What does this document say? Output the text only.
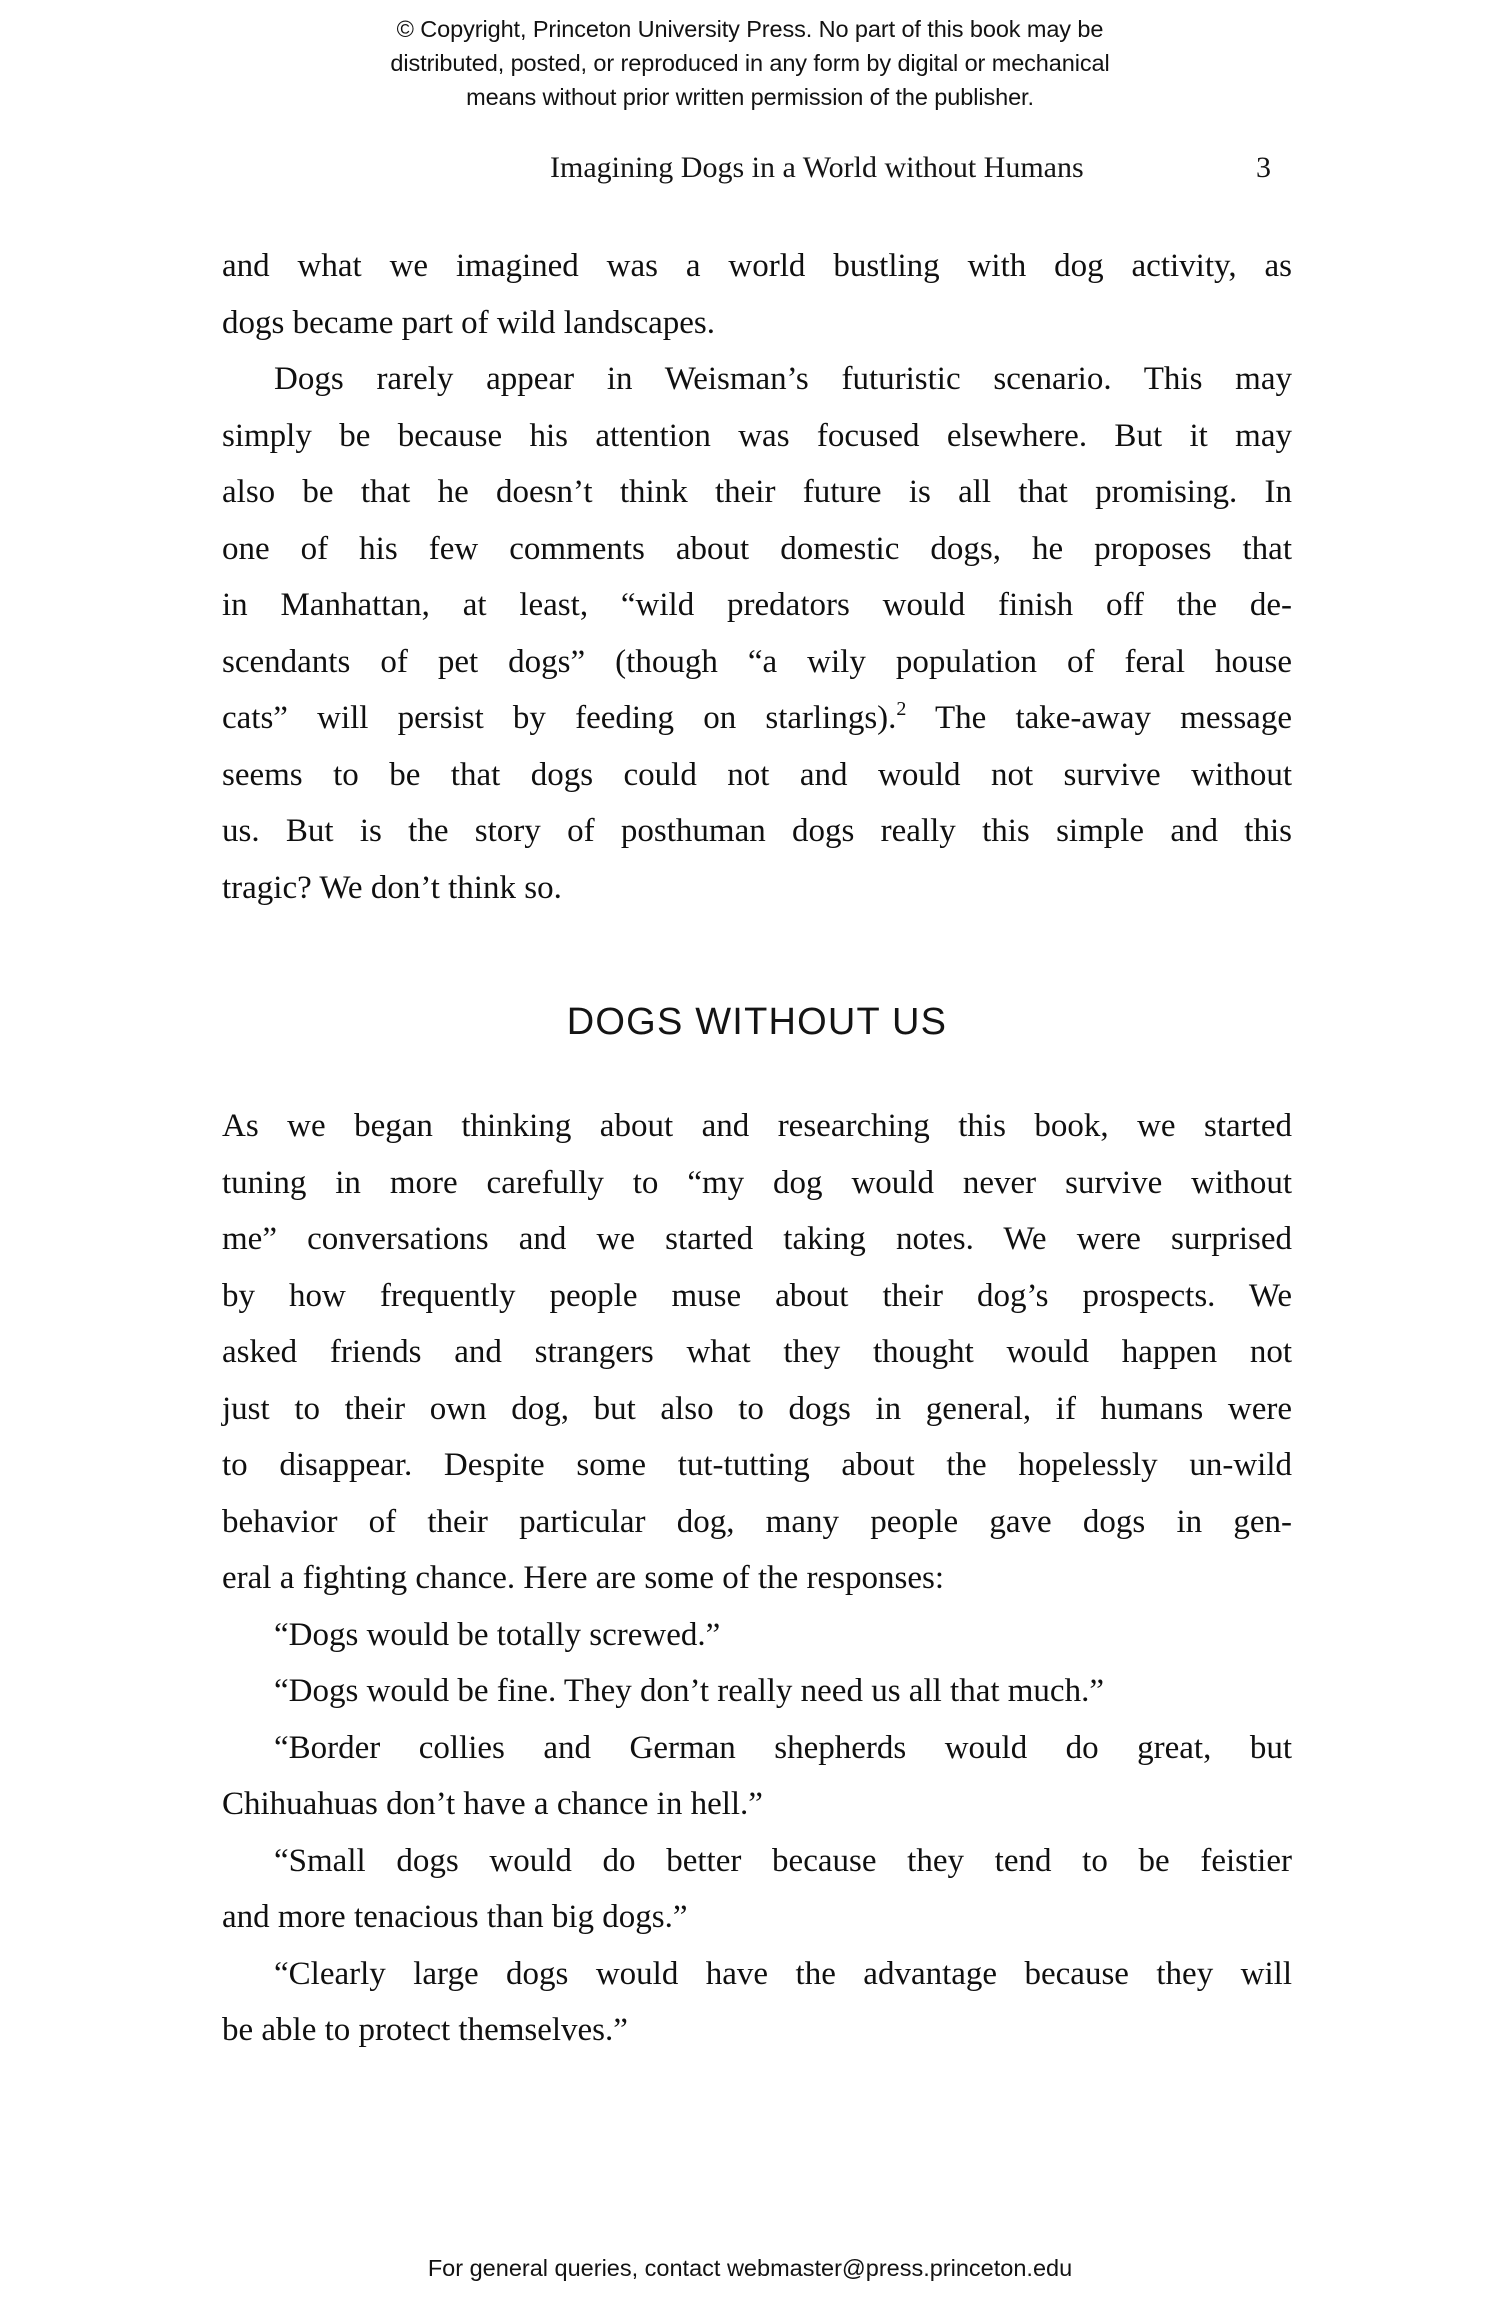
© Copyright, Princeton University Press. No part of this book may be
distributed, posted, or reproduced in any form by digital or mechanical
means without prior written permission of the publisher.
Imagining Dogs in a World without Humans	3

and what we imagined was a world bustling with dog activity, as
dogs became part of wild landscapes.

Dogs rarely appear in Weisman’s futuristic scenario. This may
simply be because his attention was focused elsewhere. But it may
also be that he doesn’t think their future is all that promising. In
one of his few comments about domestic dogs, he proposes that
in Manhattan, at least, “wild predators would finish off the de-
scendants of pet dogs” (though “a wily population of feral house
cats” will persist by feeding on starlings).$^2$ The take-away message
seems to be that dogs could not and would not survive without
us. But is the story of posthuman dogs really this simple and this
tragic? We don’t think so.

DOGS WITHOUT US

As we began thinking about and researching this book, we started
tuning in more carefully to “my dog would never survive without
me” conversations and we started taking notes. We were surprised
by how frequently people muse about their dog’s prospects. We
asked friends and strangers what they thought would happen not
just to their own dog, but also to dogs in general, if humans were
to disappear. Despite some tut-tutting about the hopelessly un-wild
behavior of their particular dog, many people gave dogs in gen-
eral a fighting chance. Here are some of the responses:

“Dogs would be totally screwed.”

“Dogs would be fine. They don’t really need us all that much.”

“Border collies and German shepherds would do great, but
Chihuahuas don’t have a chance in hell.”

“Small dogs would do better because they tend to be feistier
and more tenacious than big dogs.”

“Clearly large dogs would have the advantage because they will
be able to protect themselves.”

For general queries, contact webmaster@press.princeton.edu
